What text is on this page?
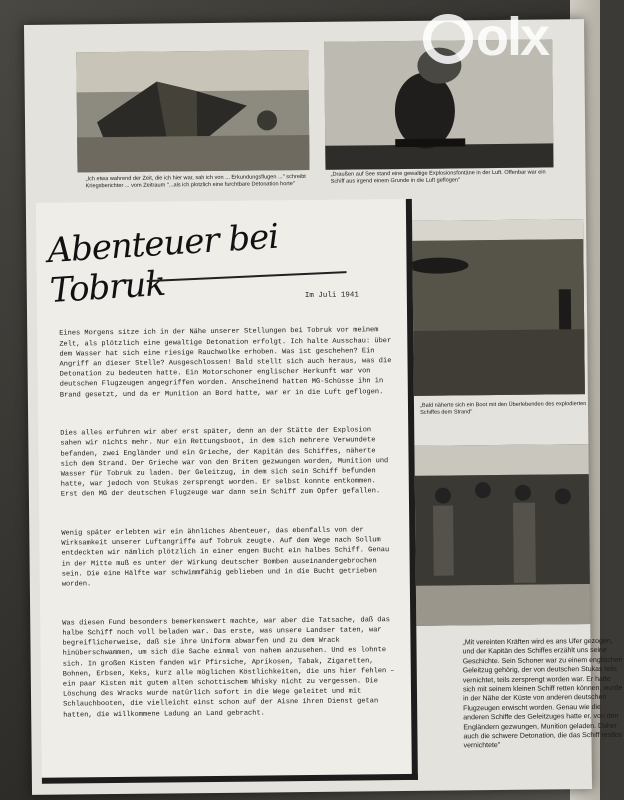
„Ich etwa wahrend der Zeit, die ich hier war, sah ich von ... Erkundungsflugen ..." schreibt Kriegsberichter ... vom Zeitraum "...als ich plotzlich eine furchtbare Detonation horte"
„Draußen auf See stand eine gewaltige Explosionsfontäne in der Luft. Offenbar war ein Schiff aus irgend einem Grunde in die Luft geflogen"
„Bald näherte sich ein Boot mit den Überlebenden des explodierten Schiffes dem Strand"
„Mit vereinten Kräften wird es ans Ufer gezogen, und der Kapitän des Schiffes erzählt uns seine Geschichte. Sein Schoner war zu einem englischen Geleitzug gehörig, der von deutschen Stukas teils vernichtet, teils zersprengt worden war. Er hatte sich mit seinem kleinen Schiff retten können, wurde in der Nähe der Küste von anderen deutschen Flugzeugen erwischt worden. Genau wie die anderen Schiffe des Geleitzuges hatte er, von den Engländern gezwungen, Munition geladen. Daher auch die schwere Detonation, die das Schiff restlos vernichtete"
Abenteuer bei Tobruk	Im Juli 1941

Eines Morgens sitze ich in der Nähe unserer Stellungen bei Tobruk vor meinem Zelt, als plötzlich eine gewaltige Detonation erfolgt. Ich halte Ausschau: über dem Wasser hat sich eine riesige Rauchwolke erhoben. Was ist geschehen? Ein Angriff an dieser Stelle? Ausgeschlossen! Bald stellt sich auch heraus, was die Detonation zu bedeuten hatte. Ein Motorschoner englischer Herkunft war von deutschen Flugzeugen angegriffen worden. Anscheinend hatten MG-Schüsse ihn in Brand gesetzt, und da er Munition an Bord hatte, war er in die Luft geflogen.

Dies alles erfuhren wir aber erst später, denn an der Stätte der Explosion sahen wir nichts mehr. Nur ein Rettungsboot, in dem sich mehrere Verwundete befanden, zwei Engländer und ein Grieche, der Kapitän des Schiffes, näherte sich dem Strand. Der Grieche war von den Briten gezwungen worden, Munition und Wasser für Tobruk zu laden. Der Geleitzug, in dem sich sein Schiff befunden hatte, war jedoch von Stukas zersprengt worden. Er selbst konnte entkommen. Erst den MG der deutschen Flugzeuge war dann sein Schiff zum Opfer gefallen.

Wenig später erlebten wir ein ähnliches Abenteuer, das ebenfalls von der Wirksamkeit unserer Luftangriffe auf Tobruk zeugte. Auf dem Wege nach Sollum entdeckten wir nämlich plötzlich in einer engen Bucht ein halbes Schiff. Genau in der Mitte muß es unter der Wirkung deutscher Bomben auseinandergebrochen sein. Die eine Hälfte war schwimmfähig geblieben und in die Bucht getrieben worden.

Was diesen Fund besonders bemerkenswert machte, war aber die Tatsache, daß das halbe Schiff noch voll beladen war. Das erste, was unsere Landser taten, war begreiflicherweise, daß sie ihre Uniform abwarfen und zu dem Wrack hinüberschwammen, um sich die Sache einmal von nahem anzusehen. Und es lohnte sich. In großen Kisten fanden wir Pfirsiche, Aprikosen, Tabak, Zigaretten, Bohnen, Erbsen, Keks, kurz alle möglichen Köstlichkeiten, die uns hier fehlen – ein paar Kisten mit gutem alten schottischem Whisky nicht zu vergessen. Die Löschung des Wracks wurde natürlich sofort in die Wege geleitet und mit Schlauchbooten, die vielleicht einst schon auf der Aisne ihren Dienst getan hatten, die willkommene Ladung an Land gebracht.

olx
